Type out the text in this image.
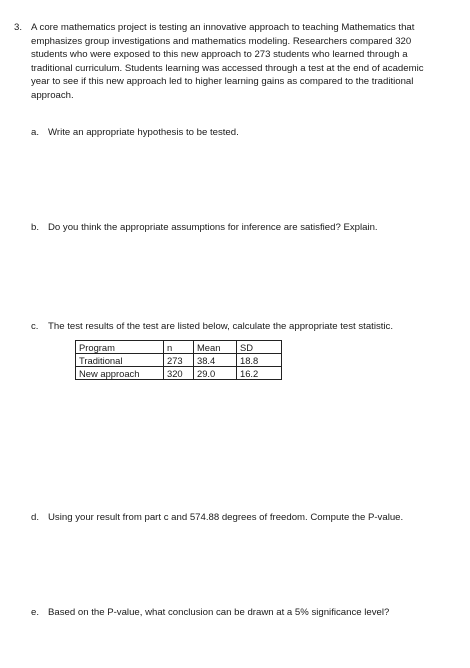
3. A core mathematics project is testing an innovative approach to teaching Mathematics that
emphasizes group investigations and mathematics modeling. Researchers compared 320
students who were exposed to this new approach to 273 students who learned through a
traditional curriculum. Students learning was accessed through a test at the end of academic
year to see if this new approach led to higher learning gains as compared to the traditional
approach.
a. Write an appropriate hypothesis to be tested.
b. Do you think the appropriate assumptions for inference are satisfied? Explain.
c. The test results of the test are listed below, calculate the appropriate test statistic.
Program	n	Mean	SD
Traditional	273	38.4	18.8
New approach	320	29.0	16.2
d. Using your result from part c and 574.88 degrees of freedom. Compute the P-value.
e. Based on the P-value, what conclusion can be drawn at a 5% significance level?
